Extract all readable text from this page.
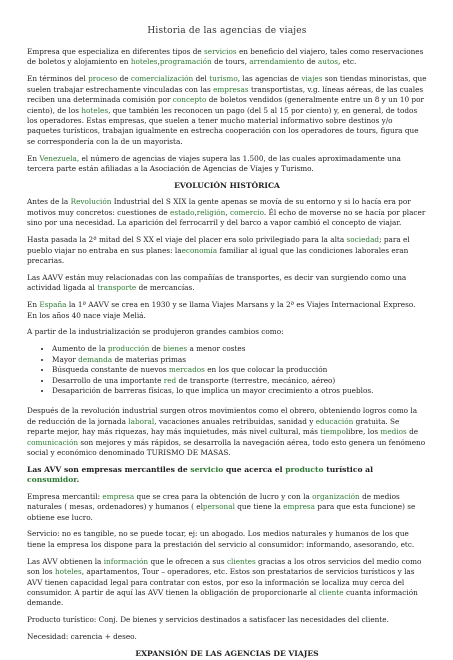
Historia de las agencias de viajes

Empresa que especializa en diferentes tipos de servicios en beneficio del viajero, tales como reservaciones de boletos y alojamiento en hoteles,programación de tours, arrendamiento de autos, etc.

En términos del proceso de comercialización del turismo, las agencias de viajes son tiendas minoristas, que suelen trabajar estrechamente vinculadas con las empresas transportistas, v.g. líneas aéreas, de las cuales reciben una determinada comisión por concepto de boletos vendidos (generalmente entre un 8 y un 10 por ciento), de los hoteles, que también les reconocen un pago (del 5 al 15 por ciento) y, en general, de todos los operadores. Estas empresas, que suelen a tener mucho material informativo sobre destinos y/o paquetes turísticos, trabajan igualmente en estrecha cooperación con los operadores de tours, figura que se correspondería con la de un mayorista.

En Venezuela, el número de agencias de viajes supera las 1.500, de las cuales aproximadamente una tercera parte están afiliadas a la Asociación de Agencias de Viajes y Turismo.

EVOLUCIÓN HISTÓRICA

Antes de la Revolución Industrial del S XIX la gente apenas se movía de su entorno y si lo hacía era por motivos muy concretos: cuestiones de estado,religión, comercio. Él echo de moverse no se hacía por placer sino por una necesidad. La aparición del ferrocarril y del barco a vapor cambió el concepto de viajar.

Hasta pasada la 2ª mitad del S XX el viaje del placer era solo privilegiado para la alta sociedad; para el pueblo viajar no entraba en sus planes: laeconomía familiar al igual que las condiciones laborales eran precarias.

Las AAVV están muy relacionadas con las compañías de transportes, es decir van surgiendo como una actividad ligada al transporte de mercancías.

En España la 1ª AAVV se crea en 1930 y se llama Viajes Marsans y la 2ª es Viajes Internacional Expreso. En los años 40 nace viaje Meliá.

A partir de la industrialización se produjeron grandes cambios como:

• Aumento de la producción de bienes a menor costes
• Mayor demanda de materias primas
• Búsqueda constante de nuevos mercados en los que colocar la producción
• Desarrollo de una importante red de transporte (terrestre, mecánico, aéreo)
• Desaparición de barreras físicas, lo que implica un mayor crecimiento a otros pueblos.

Después de la revolución industrial surgen otros movimientos como el obrero, obteniendo logros como la de reducción de la jornada laboral, vacaciones anuales retribuidas, sanidad y educación gratuita. Se reparte mejor, hay más riquezas, hay más inquietudes, más nivel cultural, más tiempolibre, los medios de comunicación son mejores y más rápidos, se desarrolla la navegación aérea, todo esto genera un fenómeno social y económico denominado TURISMO DE MASAS.

Las AVV son empresas mercantiles de servicio que acerca el producto turístico al consumidor.

Empresa mercantil: empresa que se crea para la obtención de lucro y con la organización de medios naturales ( mesas, ordenadores) y humanos ( elpersonal que tiene la empresa para que esta funcione) se obtiene ese lucro.

Servicio: no es tangible, no se puede tocar, ej: un abogado. Los medios naturales y humanos de los que tiene la empresa los dispone para la prestación del servicio al consumidor: informando, asesorando, etc.

Las AVV obtienen la información que le ofrecen a sus clientes gracias a los otros servicios del medio como son los hoteles, apartamentos, Tour – operadores, etc. Estos son prestatarios de servicios turísticos y las AVV tienen capacidad legal para contratar con estos, por eso la información se localiza muy cerca del consumidor. A partir de aquí las AVV tienen la obligación de proporcionarle al cliente cuanta información demande.

Producto turístico: Conj. De bienes y servicios destinados a satisfacer las necesidades del cliente.

Necesidad: carencia + deseo.

EXPANSIÓN DE LAS AGENCIAS DE VIAJES
